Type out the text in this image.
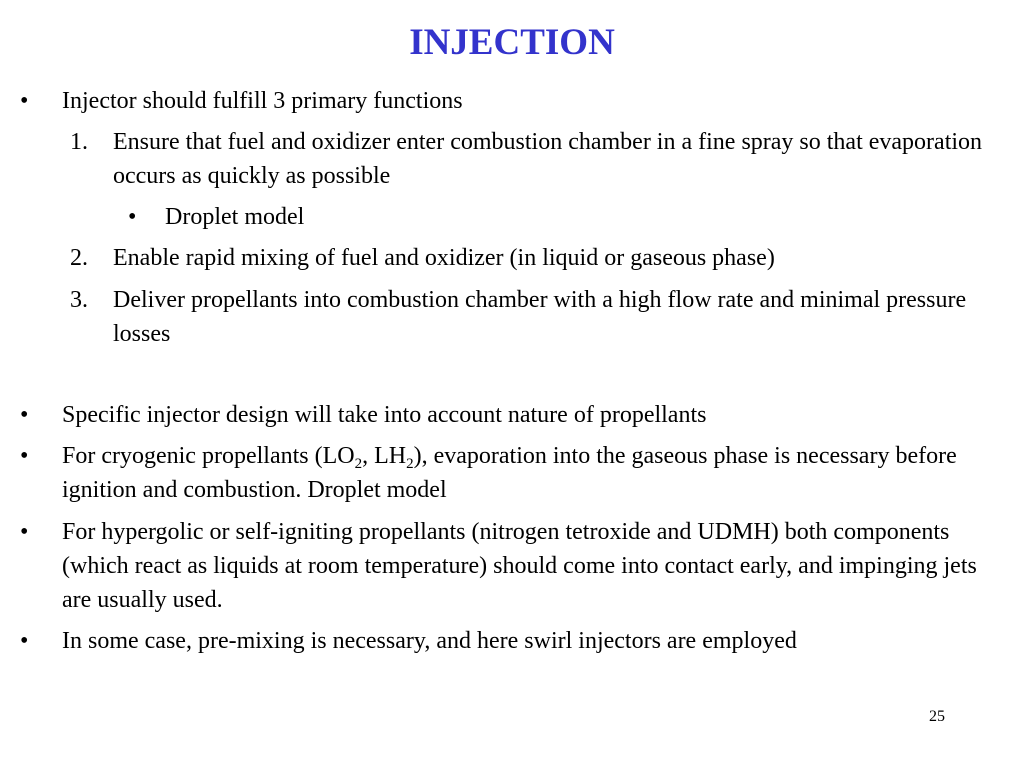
INJECTION
• Injector should fulfill 3 primary functions
1. Ensure that fuel and oxidizer enter combustion chamber in a fine spray so that evaporation occurs as quickly as possible
• Droplet model
2. Enable rapid mixing of fuel and oxidizer (in liquid or gaseous phase)
3. Deliver propellants into combustion chamber with a high flow rate and minimal pressure losses
• Specific injector design will take into account nature of propellants
• For cryogenic propellants ($LO_2$, $LH_2$), evaporation into the gaseous phase is necessary before ignition and combustion. Droplet model
• For hypergolic or self-igniting propellants (nitrogen tetroxide and UDMH) both components (which react as liquids at room temperature) should come into contact early, and impinging jets are usually used.
• In some case, pre-mixing is necessary, and here swirl injectors are employed
25
